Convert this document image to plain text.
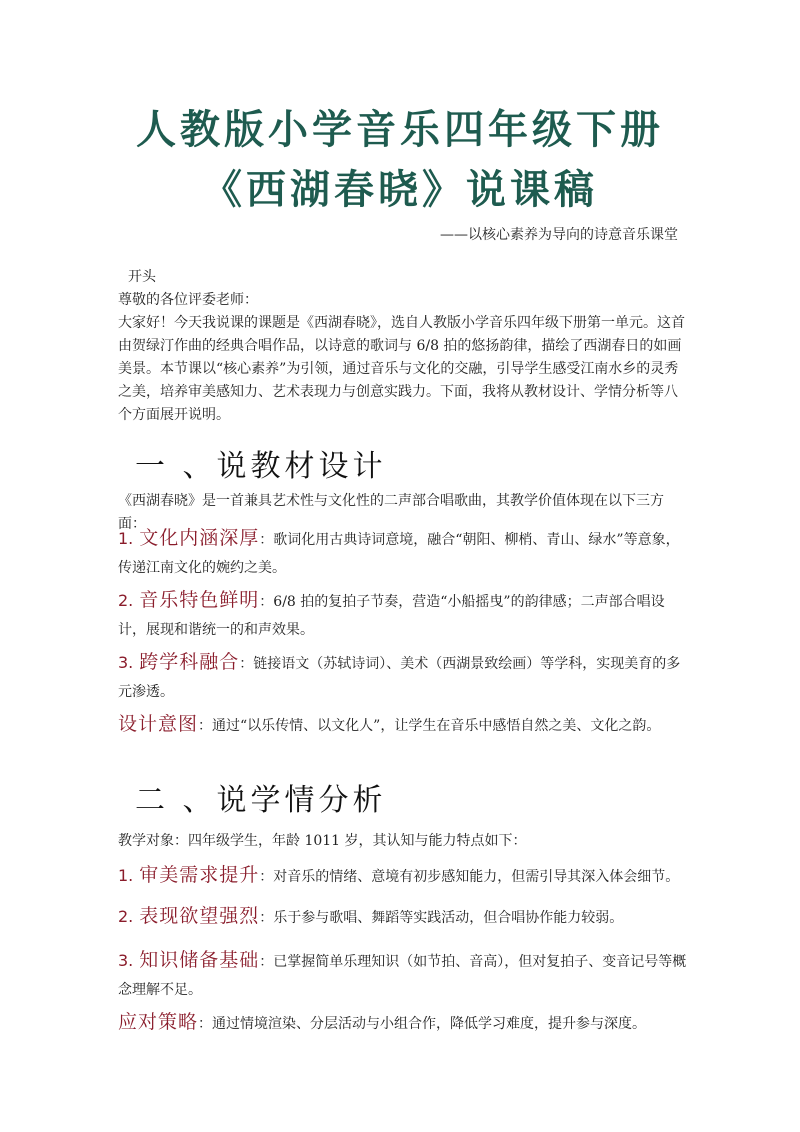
人教版小学音乐四年级下册
《西湖春晓》说课稿
——以核心素养为导向的诗意音乐课堂

开头

尊敬的各位评委老师：

大家好！今天我说课的课题是《西湖春晓》，选自人教版小学音乐四年级下册第一单元。这首由贺绿汀作曲的经典合唱作品，以诗意的歌词与 6/8 拍的悠扬韵律，描绘了西湖春日的如画美景。本节课以“核心素养”为引领，通过音乐与文化的交融，引导学生感受江南水乡的灵秀之美，培养审美感知力、艺术表现力与创意实践力。下面，我将从教材设计、学情分析等八个方面展开说明。

一 、说教材设计
《西湖春晓》是一首兼具艺术性与文化性的二声部合唱歌曲，其教学价值体现在以下三方面：
1. 文化内涵深厚：歌词化用古典诗词意境，融合“朝阳、柳梢、青山、绿水”等意象，传递江南文化的婉约之美。
2. 音乐特色鲜明：6/8 拍的复拍子节奏，营造“小船摇曳”的韵律感；二声部合唱设计，展现和谐统一的和声效果。
3. 跨学科融合：链接语文（苏轼诗词）、美术（西湖景致绘画）等学科，实现美育的多元渗透。
设计意图：通过“以乐传情、以文化人”，让学生在音乐中感悟自然之美、文化之韵。
二 、说学情分析
教学对象：四年级学生，年龄 1011 岁，其认知与能力特点如下：
1. 审美需求提升：对音乐的情绪、意境有初步感知能力，但需引导其深入体会细节。
2. 表现欲望强烈：乐于参与歌唱、舞蹈等实践活动，但合唱协作能力较弱。
3. 知识储备基础：已掌握简单乐理知识（如节拍、音高），但对复拍子、变音记号等概念理解不足。
应对策略：通过情境渲染、分层活动与小组合作，降低学习难度，提升参与深度。
